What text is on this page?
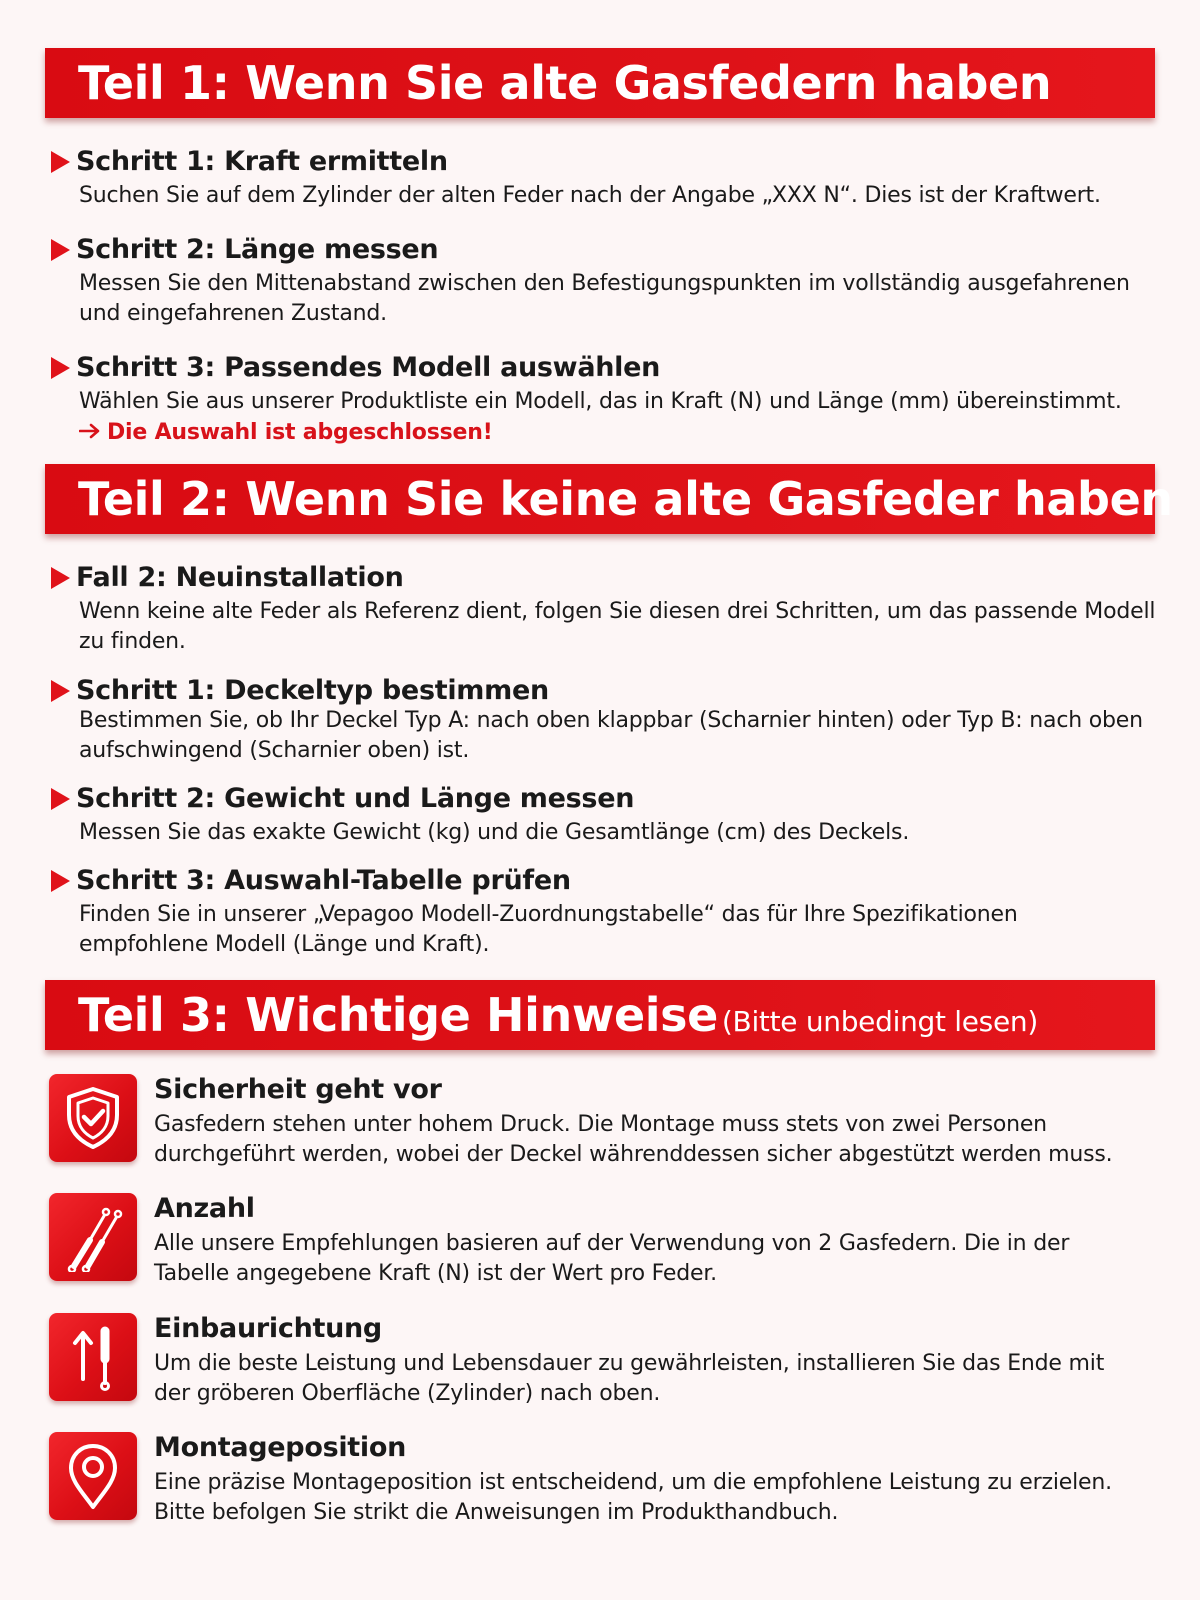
Teil 1: Wenn Sie alte Gasfedern haben
Schritt 1: Kraft ermitteln
Suchen Sie auf dem Zylinder der alten Feder nach der Angabe „XXX N“. Dies ist der Kraftwert.
Schritt 2: Länge messen
Messen Sie den Mittenabstand zwischen den Befestigungspunkten im vollständig ausgefahrenen und eingefahrenen Zustand.
Schritt 3: Passendes Modell auswählen
Wählen Sie aus unserer Produktliste ein Modell, das in Kraft (N) und Länge (mm) übereinstimmt.
Die Auswahl ist abgeschlossen!
Teil 2: Wenn Sie keine alte Gasfeder haben
Fall 2: Neuinstallation
Wenn keine alte Feder als Referenz dient, folgen Sie diesen drei Schritten, um das passende Modell zu finden.
Schritt 1: Deckeltyp bestimmen
Bestimmen Sie, ob Ihr Deckel Typ A: nach oben klappbar (Scharnier hinten) oder Typ B: nach oben aufschwingend (Scharnier oben) ist.
Schritt 2: Gewicht und Länge messen
Messen Sie das exakte Gewicht (kg) und die Gesamtlänge (cm) des Deckels.
Schritt 3: Auswahl-Tabelle prüfen
Finden Sie in unserer „Vepagoo Modell-Zuordnungstabelle“ das für Ihre Spezifikationen empfohlene Modell (Länge und Kraft).
Teil 3: Wichtige Hinweise (Bitte unbedingt lesen)
Sicherheit geht vor
Gasfedern stehen unter hohem Druck. Die Montage muss stets von zwei Personen durchgeführt werden, wobei der Deckel währenddessen sicher abgestützt werden muss.
Anzahl
Alle unsere Empfehlungen basieren auf der Verwendung von 2 Gasfedern. Die in der Tabelle angegebene Kraft (N) ist der Wert pro Feder.
Einbaurichtung
Um die beste Leistung und Lebensdauer zu gewährleisten, installieren Sie das Ende mit der gröberen Oberfläche (Zylinder) nach oben.
Montageposition
Eine präzise Montageposition ist entscheidend, um die empfohlene Leistung zu erzielen. Bitte befolgen Sie strikt die Anweisungen im Produkthandbuch.
